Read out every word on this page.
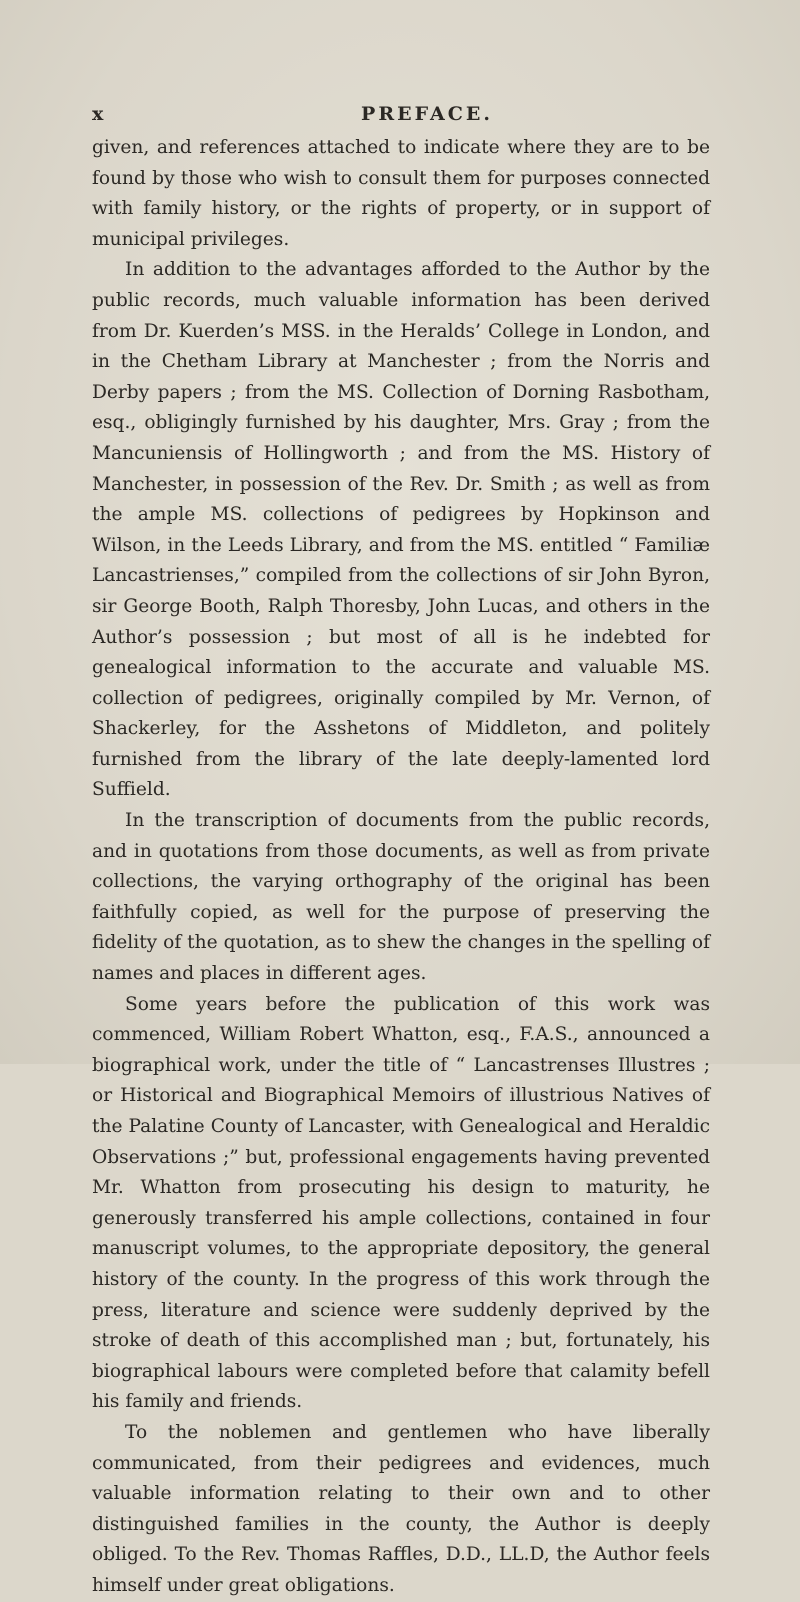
x	PREFACE.

given, and references attached to indicate where they are to be found by those who wish to consult them for purposes connected with family history, or the rights of property, or in support of municipal privileges.

In addition to the advantages afforded to the Author by the public records, much valuable information has been derived from Dr. Kuerden’s MSS. in the Heralds’ College in London, and in the Chetham Library at Manchester ; from the Norris and Derby papers ; from the MS. Collection of Dorning Rasbotham, esq., obligingly furnished by his daughter, Mrs. Gray ; from the Mancuniensis of Hollingworth ; and from the MS. History of Manchester, in possession of the Rev. Dr. Smith ; as well as from the ample MS. collections of pedigrees by Hopkinson and Wilson, in the Leeds Library, and from the MS. entitled “ Familiæ Lancastrienses,” compiled from the collections of sir John Byron, sir George Booth, Ralph Thoresby, John Lucas, and others in the Author’s possession ; but most of all is he indebted for genealogical information to the accurate and valuable MS. collection of pedigrees, originally compiled by Mr. Vernon, of Shackerley, for the Asshetons of Middleton, and politely furnished from the library of the late deeply-lamented lord Suffield.

In the transcription of documents from the public records, and in quotations from those documents, as well as from private collections, the varying orthography of the original has been faithfully copied, as well for the purpose of preserving the fidelity of the quotation, as to shew the changes in the spelling of names and places in different ages.

Some years before the publication of this work was commenced, William Robert Whatton, esq., F.A.S., announced a biographical work, under the title of “ Lancastrenses Illustres ; or Historical and Biographical Memoirs of illustrious Natives of the Palatine County of Lancaster, with Genealogical and Heraldic Observations ;” but, professional engagements having prevented Mr. Whatton from prosecuting his design to maturity, he generously transferred his ample collections, contained in four manuscript volumes, to the appropriate depository, the general history of the county. In the progress of this work through the press, literature and science were suddenly deprived by the stroke of death of this accomplished man ; but, fortunately, his biographical labours were completed before that calamity befell his family and friends.

To the noblemen and gentlemen who have liberally communicated, from their pedigrees and evidences, much valuable information relating to their own and to other distinguished families in the county, the Author is deeply obliged. To the Rev. Thomas Raffles, D.D., LL.D, the Author feels himself under great obligations.
